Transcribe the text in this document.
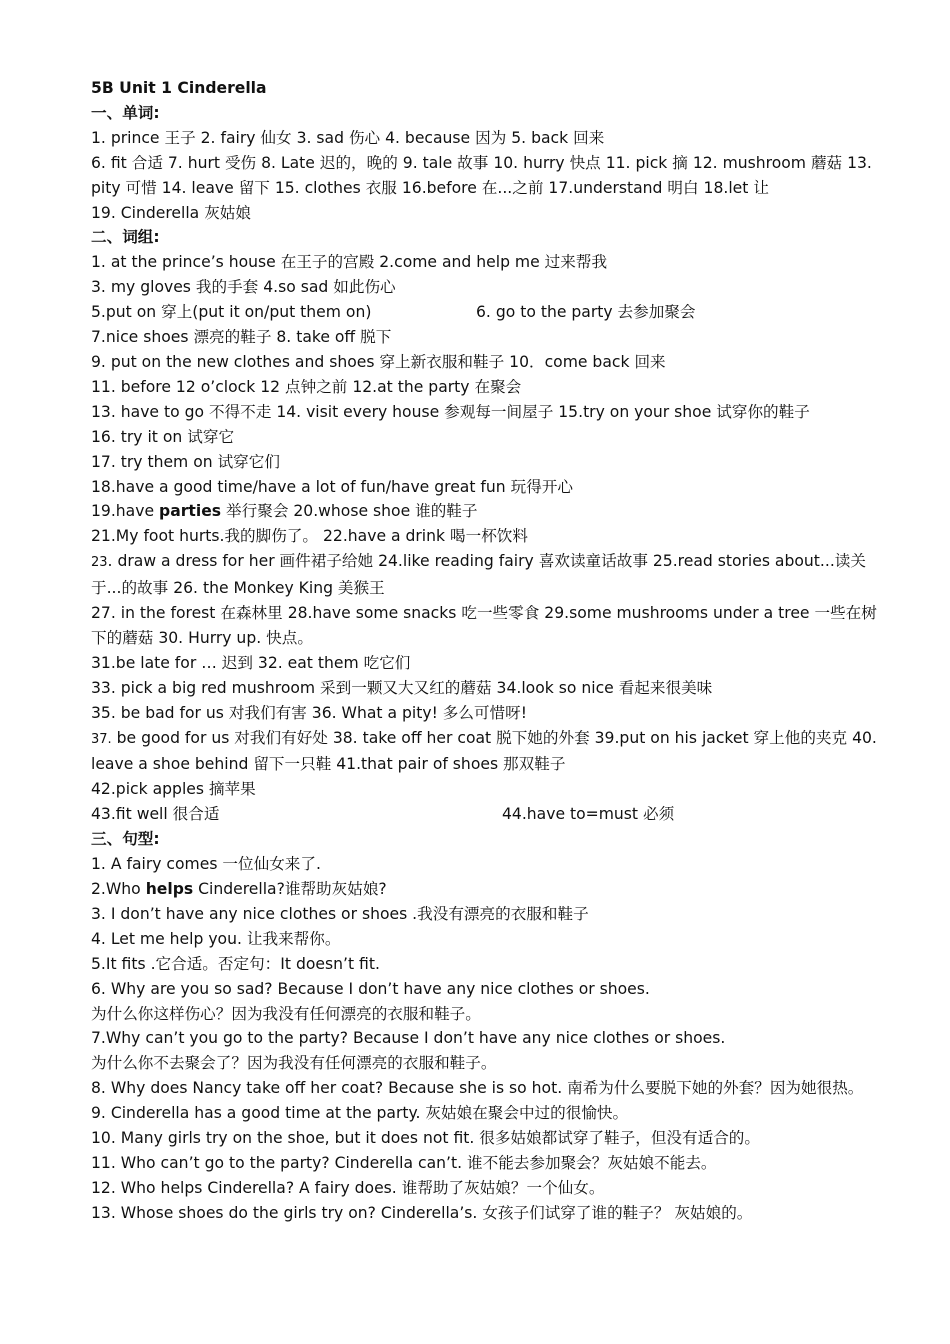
5B Unit 1 Cinderella
一、单词:
1. prince 王子 2. fairy 仙女 3. sad 伤心 4. because 因为 5. back 回来
6. fit 合适 7. hurt 受伤 8. Late 迟的，晚的 9. tale 故事 10. hurry 快点 11. pick 摘 12. mushroom 蘑菇 13. pity 可惜 14. leave 留下 15. clothes 衣服 16.before 在...之前 17.understand 明白 18.let 让
19. Cinderella 灰姑娘
二、词组:
1. at the prince’s house 在王子的宫殿 2.come and help me 过来帮我
3. my gloves 我的手套 4.so sad 如此伤心
5.put on 穿上(put it on/put them on)	6. go to the party 去参加聚会
7.nice shoes 漂亮的鞋子 8. take off 脱下
9. put on the new clothes and shoes 穿上新衣服和鞋子 10．come back 回来
11. before 12 o’clock 12 点钟之前 12.at the party 在聚会
13. have to go 不得不走 14. visit every house 参观每一间屋子 15.try on your shoe 试穿你的鞋子
16. try it on 试穿它
17. try them on 试穿它们
18.have a good time/have a lot of fun/have great fun 玩得开心
19.have parties 举行聚会 20.whose shoe 谁的鞋子
21.My foot hurts.我的脚伤了。 22.have a drink 喝一杯饮料
23. draw a dress for her 画件裙子给她 24.like reading fairy 喜欢读童话故事 25.read stories about...读关于...的故事 26. the Monkey King 美猴王
27. in the forest 在森林里 28.have some snacks 吃一些零食 29.some mushrooms under a tree 一些在树下的蘑菇 30. Hurry up. 快点。
31.be late for … 迟到 32. eat them 吃它们
33. pick a big red mushroom 采到一颗又大又红的蘑菇 34.look so nice 看起来很美味
35. be bad for us 对我们有害 36. What a pity! 多么可惜呀!
37. be good for us 对我们有好处 38. take off her coat 脱下她的外套 39.put on his jacket 穿上他的夹克 40. leave a shoe behind 留下一只鞋 41.that pair of shoes 那双鞋子
42.pick apples 摘苹果
43.fit well 很合适	44.have to=must 必须
三、句型:
1. A fairy comes 一位仙女来了.
2.Who helps Cinderella?谁帮助灰姑娘?
3. I don’t have any nice clothes or shoes .我没有漂亮的衣服和鞋子
4. Let me help you. 让我来帮你。
5.It fits .它合适。否定句：It doesn’t fit.
6. Why are you so sad? Because I don’t have any nice clothes or shoes.
为什么你这样伤心？因为我没有任何漂亮的衣服和鞋子。
7.Why can’t you go to the party? Because I don’t have any nice clothes or shoes.
为什么你不去聚会了？因为我没有任何漂亮的衣服和鞋子。
8. Why does Nancy take off her coat? Because she is so hot. 南希为什么要脱下她的外套？因为她很热。
9. Cinderella has a good time at the party. 灰姑娘在聚会中过的很愉快。
10. Many girls try on the shoe, but it does not fit. 很多姑娘都试穿了鞋子，但没有适合的。
11. Who can’t go to the party? Cinderella can’t. 谁不能去参加聚会？灰姑娘不能去。
12. Who helps Cinderella? A fairy does. 谁帮助了灰姑娘？一个仙女。
13. Whose shoes do the girls try on? Cinderella’s. 女孩子们试穿了谁的鞋子？ 灰姑娘的。
